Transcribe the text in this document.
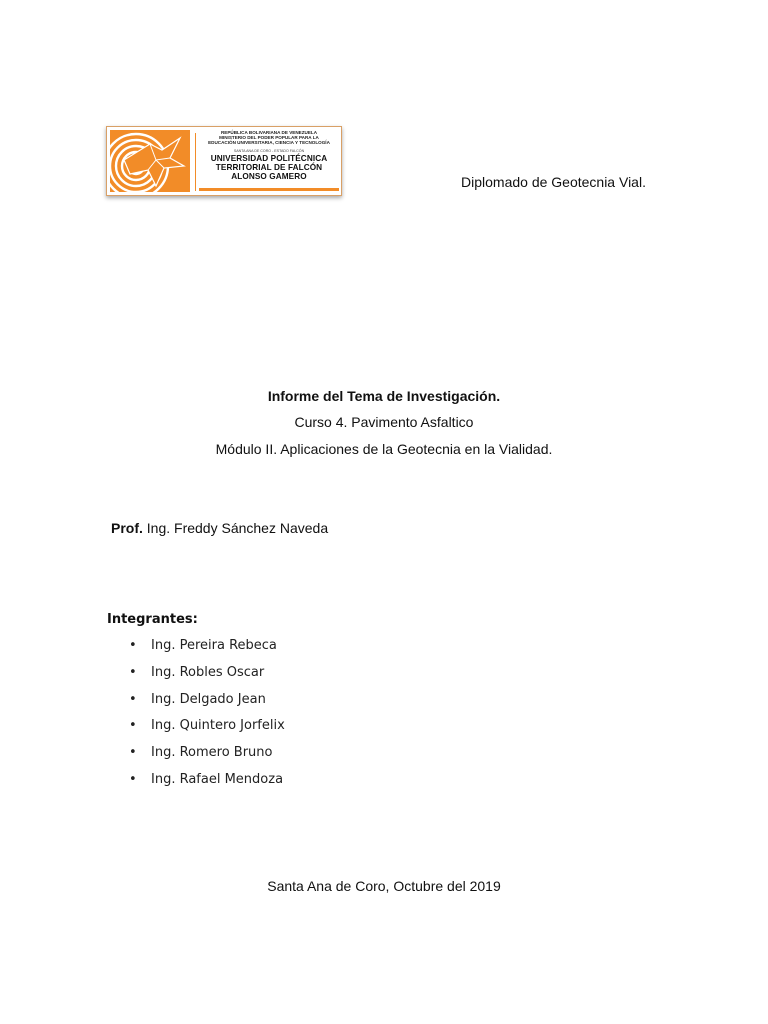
REPÚBLICA BOLIVARIANA DE VENEZUELA
MINISTERIO DEL PODER POPULAR PARA LA
EDUCACIÓN UNIVERSITARIA, CIENCIA Y TECNOLOGÍA
SANTA ANA DE CORO - ESTADO FALCÓN
UNIVERSIDAD POLITÉCNICA
TERRITORIAL DE FALCÓN
ALONSO GAMERO	Diplomado de Geotecnia Vial.
Informe del Tema de Investigación.
Curso 4. Pavimento Asfaltico
Módulo II. Aplicaciones de la Geotecnia en la Vialidad.
Prof. Ing. Freddy Sánchez Naveda
Integrantes:
• Ing. Pereira Rebeca
• Ing. Robles Oscar
• Ing. Delgado Jean
• Ing. Quintero Jorfelix
• Ing. Romero Bruno
• Ing. Rafael Mendoza
Santa Ana de Coro, Octubre del 2019
